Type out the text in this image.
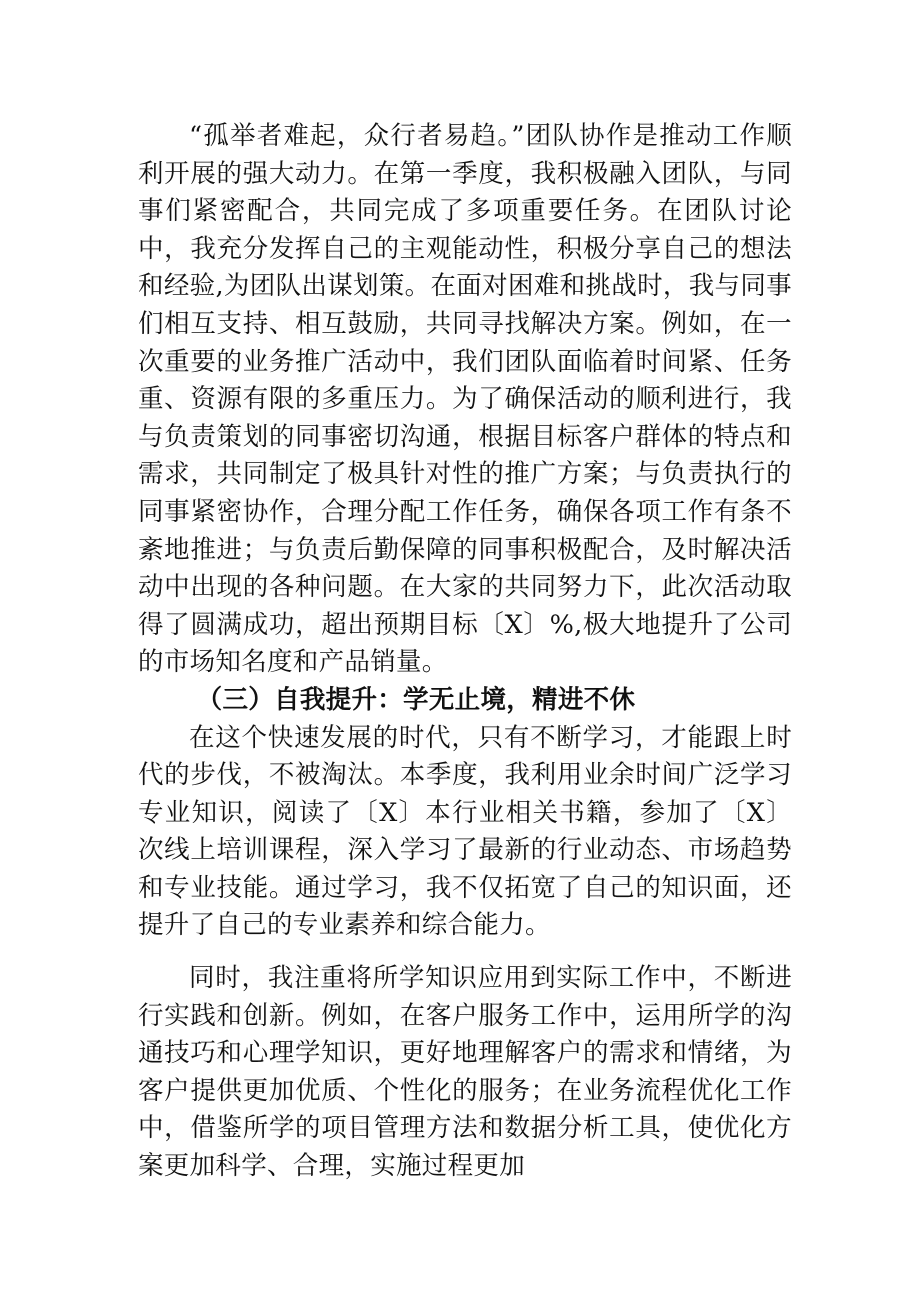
“孤举者难起，众行者易趋。”团队协作是推动工作顺利开展的强大动力。在第一季度，我积极融入团队，与同事们紧密配合，共同完成了多项重要任务。在团队讨论中，我充分发挥自己的主观能动性，积极分享自己的想法和经验,为团队出谋划策。在面对困难和挑战时，我与同事们相互支持、相互鼓励，共同寻找解决方案。例如，在一次重要的业务推广活动中，我们团队面临着时间紧、任务重、资源有限的多重压力。为了确保活动的顺利进行，我与负责策划的同事密切沟通，根据目标客户群体的特点和需求，共同制定了极具针对性的推广方案；与负责执行的同事紧密协作，合理分配工作任务，确保各项工作有条不紊地推进；与负责后勤保障的同事积极配合，及时解决活动中出现的各种问题。在大家的共同努力下，此次活动取得了圆满成功，超出预期目标〔X〕%,极大地提升了公司的市场知名度和产品销量。

（三）自我提升：学无止境，精进不休

在这个快速发展的时代，只有不断学习，才能跟上时代的步伐，不被淘汰。本季度，我利用业余时间广泛学习专业知识，阅读了〔X〕本行业相关书籍，参加了〔X〕次线上培训课程，深入学习了最新的行业动态、市场趋势和专业技能。通过学习，我不仅拓宽了自己的知识面，还提升了自己的专业素养和综合能力。

同时，我注重将所学知识应用到实际工作中，不断进行实践和创新。例如，在客户服务工作中，运用所学的沟通技巧和心理学知识，更好地理解客户的需求和情绪，为客户提供更加优质、个性化的服务；在业务流程优化工作中，借鉴所学的项目管理方法和数据分析工具，使优化方案更加科学、合理，实施过程更加
